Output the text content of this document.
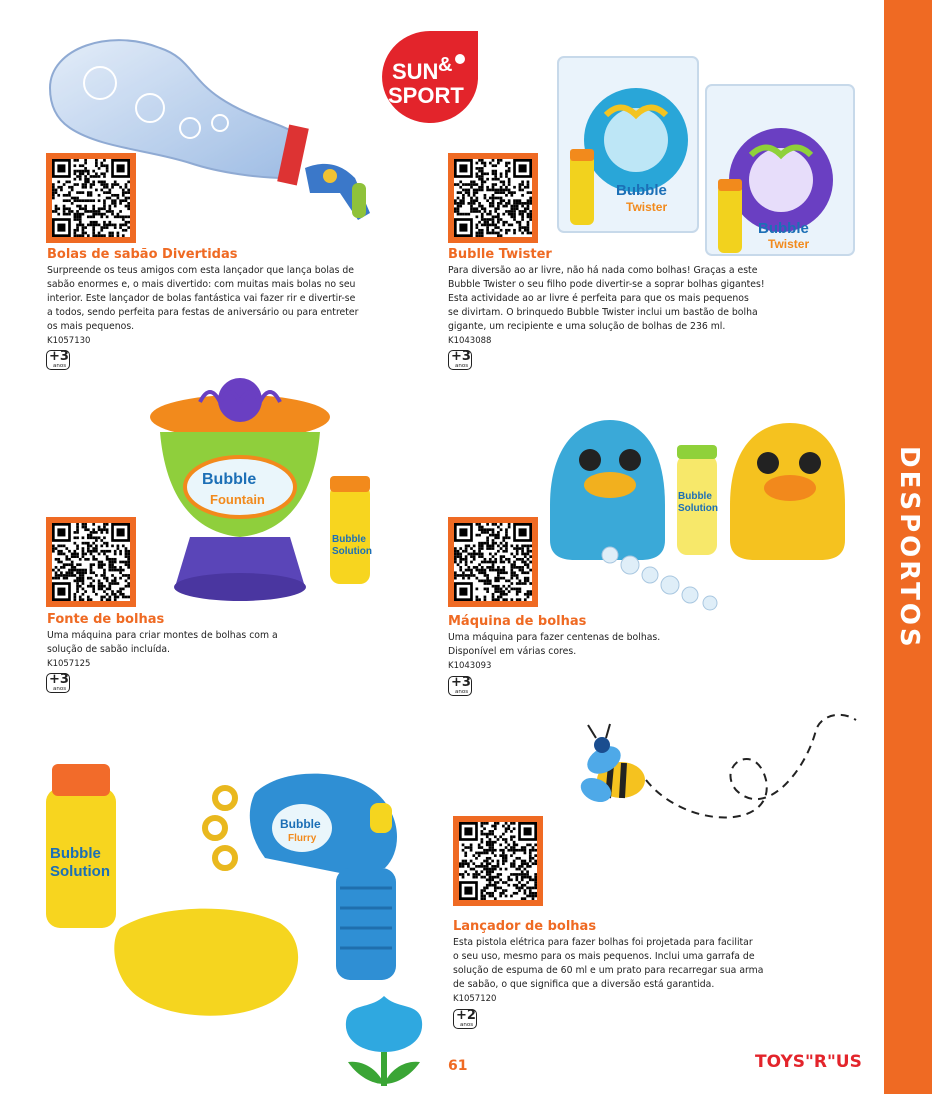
DESPORTOS
SUN &
SPORT
Bolas de sabão Divertidas

Surpreende os teus amigos com esta lançador que lança bolas de

sabão enormes e, o mais divertido: com muitas mais bolas no seu

interior. Este lançador de bolas fantástica vai fazer rir e divertir-se

a todos, sendo perfeita para festas de aniversário ou para entreter

os mais pequenos.

K1057130
+3
anos
Bubble
Twister
Bubble
Twister
Bublle Twister

Para diversão ao ar livre, não há nada como bolhas! Graças a este

Bubble Twister o seu filho pode divertir-se a soprar bolhas gigantes!

Esta actividade ao ar livre é perfeita para que os mais pequenos

se divirtam. O brinquedo Bubble Twister inclui um bastão de bolha

gigante, um recipiente e uma solução de bolhas de 236 ml.

K1043088
+3
anos
Bubble
Fountain
Bubble
Solution
Fonte de bolhas

Uma máquina para criar montes de bolhas com a

solução de sabão incluída.

K1057125
+3
anos
Bubble
Solution
Máquina de bolhas

Uma máquina para fazer centenas de bolhas.

Disponível em várias cores.

K1043093
+3
anos
Bubble
Solution
Bubble
Flurry
Lançador de bolhas

Esta pistola elétrica para fazer bolhas foi projetada para facilitar

o seu uso, mesmo para os mais pequenos. Inclui uma garrafa de

solução de espuma de 60 ml e um prato para recarregar sua arma

de sabão, o que significa que a diversão está garantida.

K1057120
+2
anos
61	TOYS"R"US
